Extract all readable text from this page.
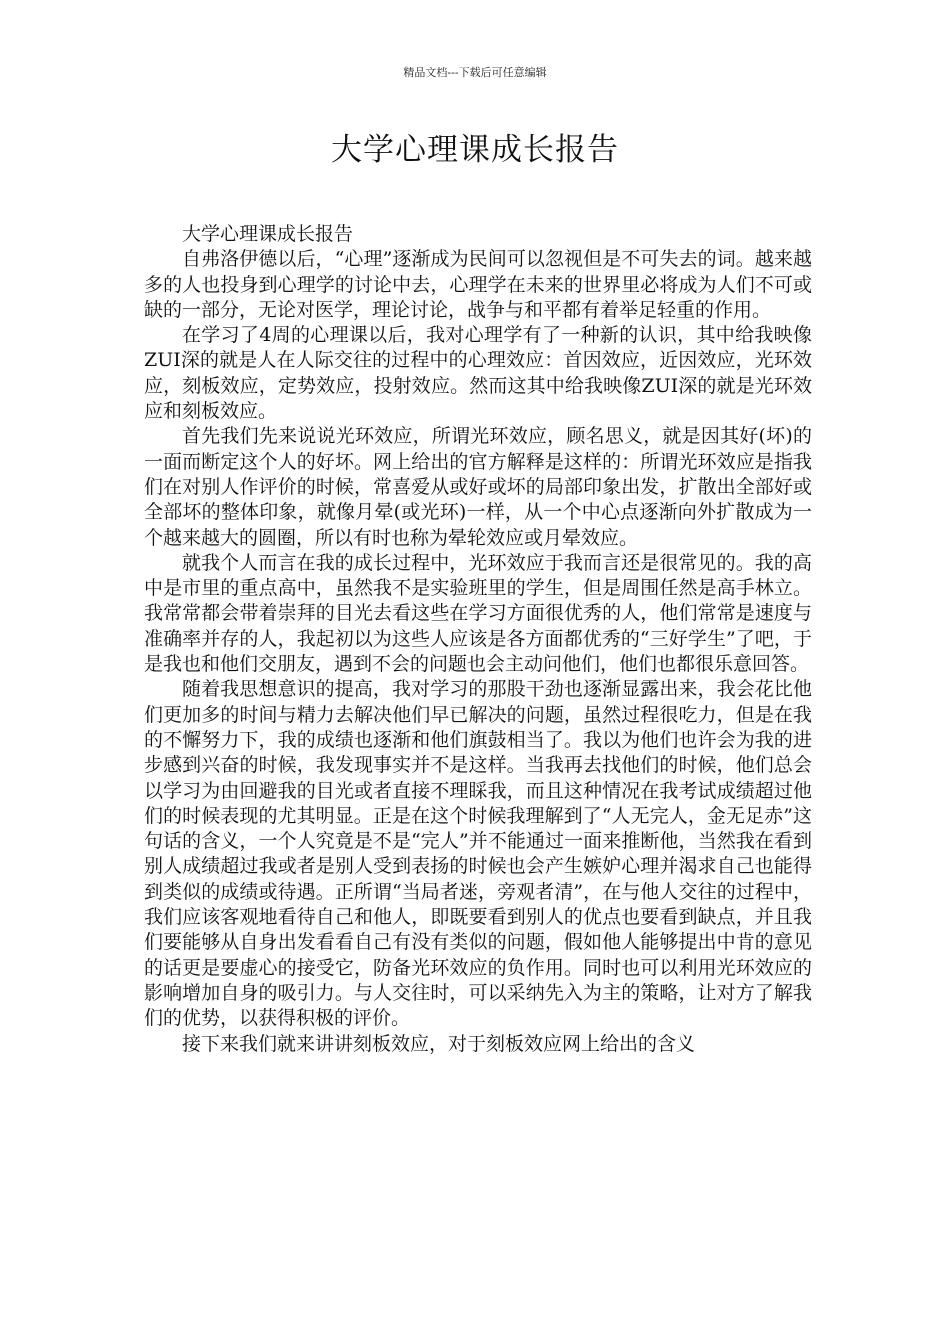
精品文档---下载后可任意编辑
大学心理课成长报告

大学心理课成长报告

自弗洛伊德以后，“心理”逐渐成为民间可以忽视但是不可失去的词。越来越多的人也投身到心理学的讨论中去，心理学在未来的世界里必将成为人们不可或缺的一部分，无论对医学，理论讨论，战争与和平都有着举足轻重的作用。

在学习了4周的心理课以后，我对心理学有了一种新的认识，其中给我映像ZUI深的就是人在人际交往的过程中的心理效应：首因效应，近因效应，光环效应，刻板效应，定势效应，投射效应。然而这其中给我映像ZUI深的就是光环效应和刻板效应。

首先我们先来说说光环效应，所谓光环效应，顾名思义，就是因其好(坏)的一面而断定这个人的好坏。网上给出的官方解释是这样的：所谓光环效应是指我们在对别人作评价的时候，常喜爱从或好或坏的局部印象出发，扩散出全部好或全部坏的整体印象，就像月晕(或光环)一样，从一个中心点逐渐向外扩散成为一个越来越大的圆圈，所以有时也称为晕轮效应或月晕效应。

就我个人而言在我的成长过程中，光环效应于我而言还是很常见的。我的高中是市里的重点高中，虽然我不是实验班里的学生，但是周围任然是高手林立。我常常都会带着崇拜的目光去看这些在学习方面很优秀的人，他们常常是速度与准确率并存的人，我起初以为这些人应该是各方面都优秀的“三好学生”了吧，于是我也和他们交朋友，遇到不会的问题也会主动问他们，他们也都很乐意回答。

随着我思想意识的提高，我对学习的那股干劲也逐渐显露出来，我会花比他们更加多的时间与精力去解决他们早已解决的问题，虽然过程很吃力，但是在我的不懈努力下，我的成绩也逐渐和他们旗鼓相当了。我以为他们也许会为我的进步感到兴奋的时候，我发现事实并不是这样。当我再去找他们的时候，他们总会以学习为由回避我的目光或者直接不理睬我，而且这种情况在我考试成绩超过他们的时候表现的尤其明显。正是在这个时候我理解到了“人无完人，金无足赤”这句话的含义，一个人究竟是不是“完人”并不能通过一面来推断他，当然我在看到别人成绩超过我或者是别人受到表扬的时候也会产生嫉妒心理并渴求自己也能得到类似的成绩或待遇。正所谓“当局者迷，旁观者清”，在与他人交往的过程中，我们应该客观地看待自己和他人，即既要看到别人的优点也要看到缺点，并且我们要能够从自身出发看看自己有没有类似的问题，假如他人能够提出中肯的意见的话更是要虚心的接受它，防备光环效应的负作用。同时也可以利用光环效应的影响增加自身的吸引力。与人交往时，可以采纳先入为主的策略，让对方了解我们的优势，以获得积极的评价。

接下来我们就来讲讲刻板效应，对于刻板效应网上给出的含义
